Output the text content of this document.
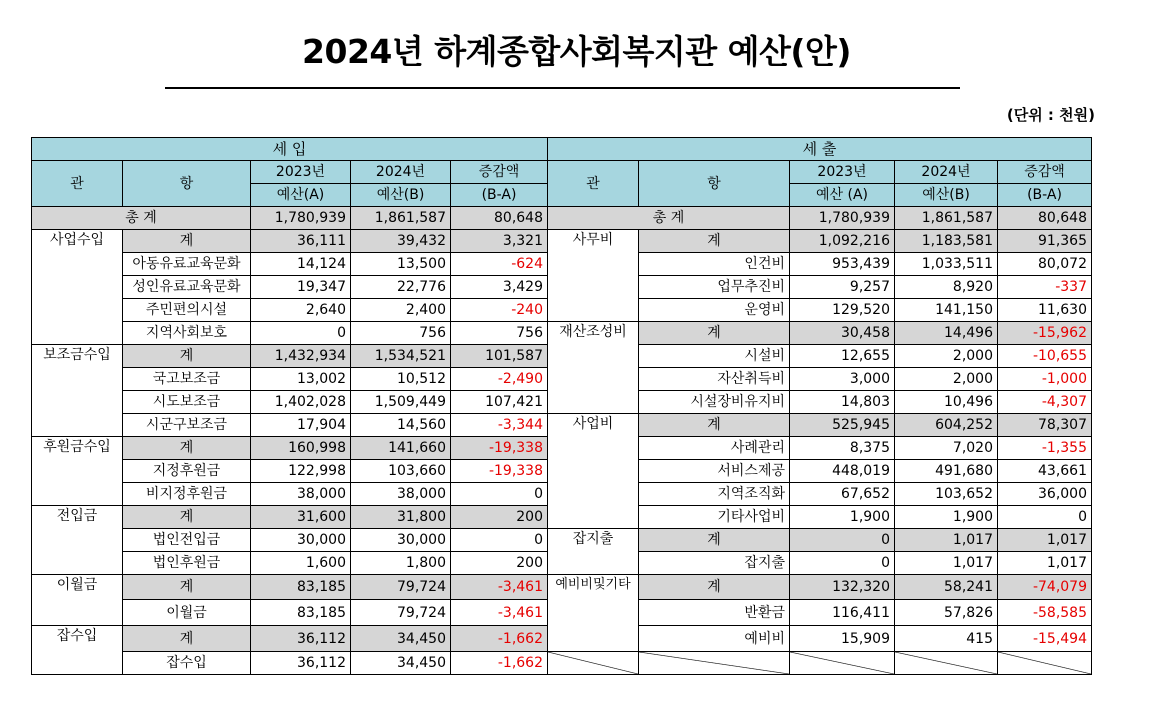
2024년 하계종합사회복지관 예산(안)
(단위 : 천원)
세 입					세 출				
관	항	2023년	2024년	증감액	관	항	2023년	2024년	증감액
		예산(A)	예산(B)	(B-A)			예산 (A)	예산(B)	(B-A)
총 계		1,780,939	1,861,587	80,648	총 계		1,780,939	1,861,587	80,648
사업수입	계	36,111	39,432	3,321	사무비	계	1,092,216	1,183,581	91,365
	아동유료교육문화	14,124	13,500	-624		인건비	953,439	1,033,511	80,072
	성인유료교육문화	19,347	22,776	3,429		업무추진비	9,257	8,920	-337
	주민편의시설	2,640	2,400	-240		운영비	129,520	141,150	11,630
	지역사회보호	0	756	756	재산조성비	계	30,458	14,496	-15,962
보조금수입	계	1,432,934	1,534,521	101,587		시설비	12,655	2,000	-10,655
	국고보조금	13,002	10,512	-2,490		자산취득비	3,000	2,000	-1,000
	시도보조금	1,402,028	1,509,449	107,421		시설장비유지비	14,803	10,496	-4,307
	시군구보조금	17,904	14,560	-3,344	사업비	계	525,945	604,252	78,307
후원금수입	계	160,998	141,660	-19,338		사례관리	8,375	7,020	-1,355
	지정후원금	122,998	103,660	-19,338		서비스제공	448,019	491,680	43,661
	비지정후원금	38,000	38,000	0		지역조직화	67,652	103,652	36,000
전입금	계	31,600	31,800	200		기타사업비	1,900	1,900	0
	법인전입금	30,000	30,000	0	잡지출	계	0	1,017	1,017
	법인후원금	1,600	1,800	200		잡지출	0	1,017	1,017
이월금	계	83,185	79,724	-3,461	예비비및기타	계	132,320	58,241	-74,079
	이월금	83,185	79,724	-3,461		반환금	116,411	57,826	-58,585
잡수입	계	36,112	34,450	-1,662		예비비	15,909	415	-15,494
	잡수입	36,112	34,450	-1,662					
